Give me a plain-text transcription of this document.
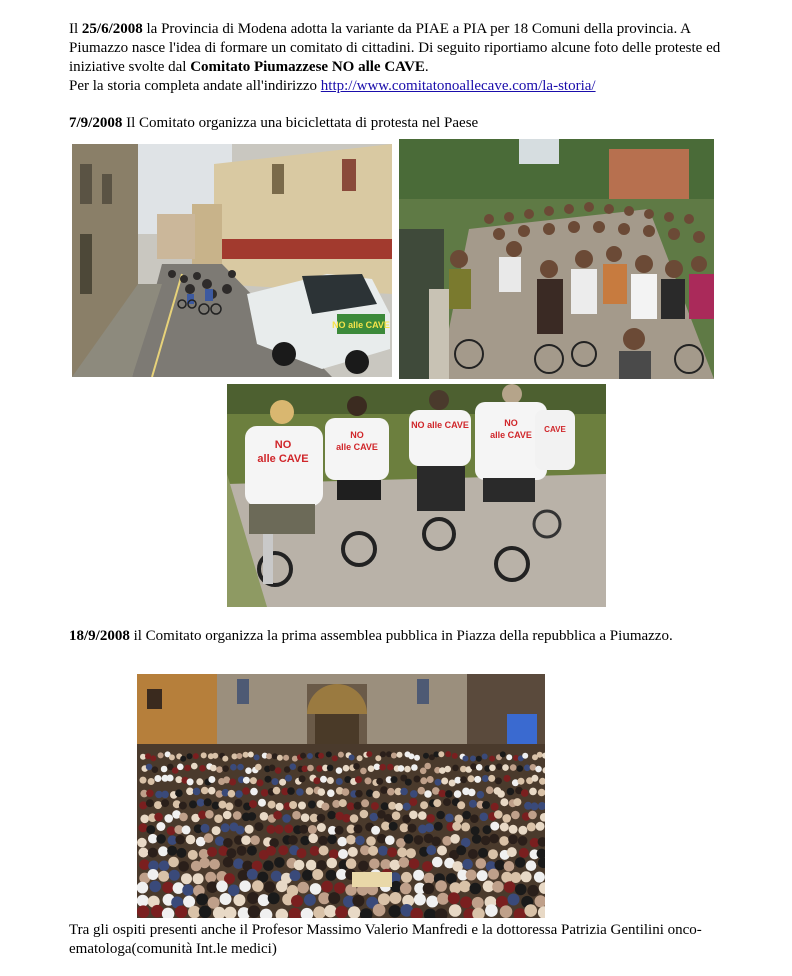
Il 25/6/2008 la Provincia di Modena adotta la variante da PIAE a PIA per 18 Comuni della provincia. A Piumazzo nasce l'idea di formare un comitato di cittadini. Di seguito riportiamo alcune foto delle proteste ed iniziative svolte dal Comitato Piumazzese NO alle CAVE.
Per la storia completa andate all'indirizzo http://www.comitatonoallecave.com/la-storia/

7/9/2008 Il Comitato organizza una biciclettata di protesta nel Paese

NO alle CAVE
NO
alle CAVE
NO
alle CAVE
NO alle CAVE	NO
alle CAVE
CAVE

18/9/2008 il Comitato organizza la prima assemblea pubblica in Piazza della repubblica a Piumazzo.

Tra gli ospiti presenti anche il Profesor Massimo Valerio Manfredi e la dottoressa Patrizia Gentilini onco-ematologa(comunità Int.le medici)
